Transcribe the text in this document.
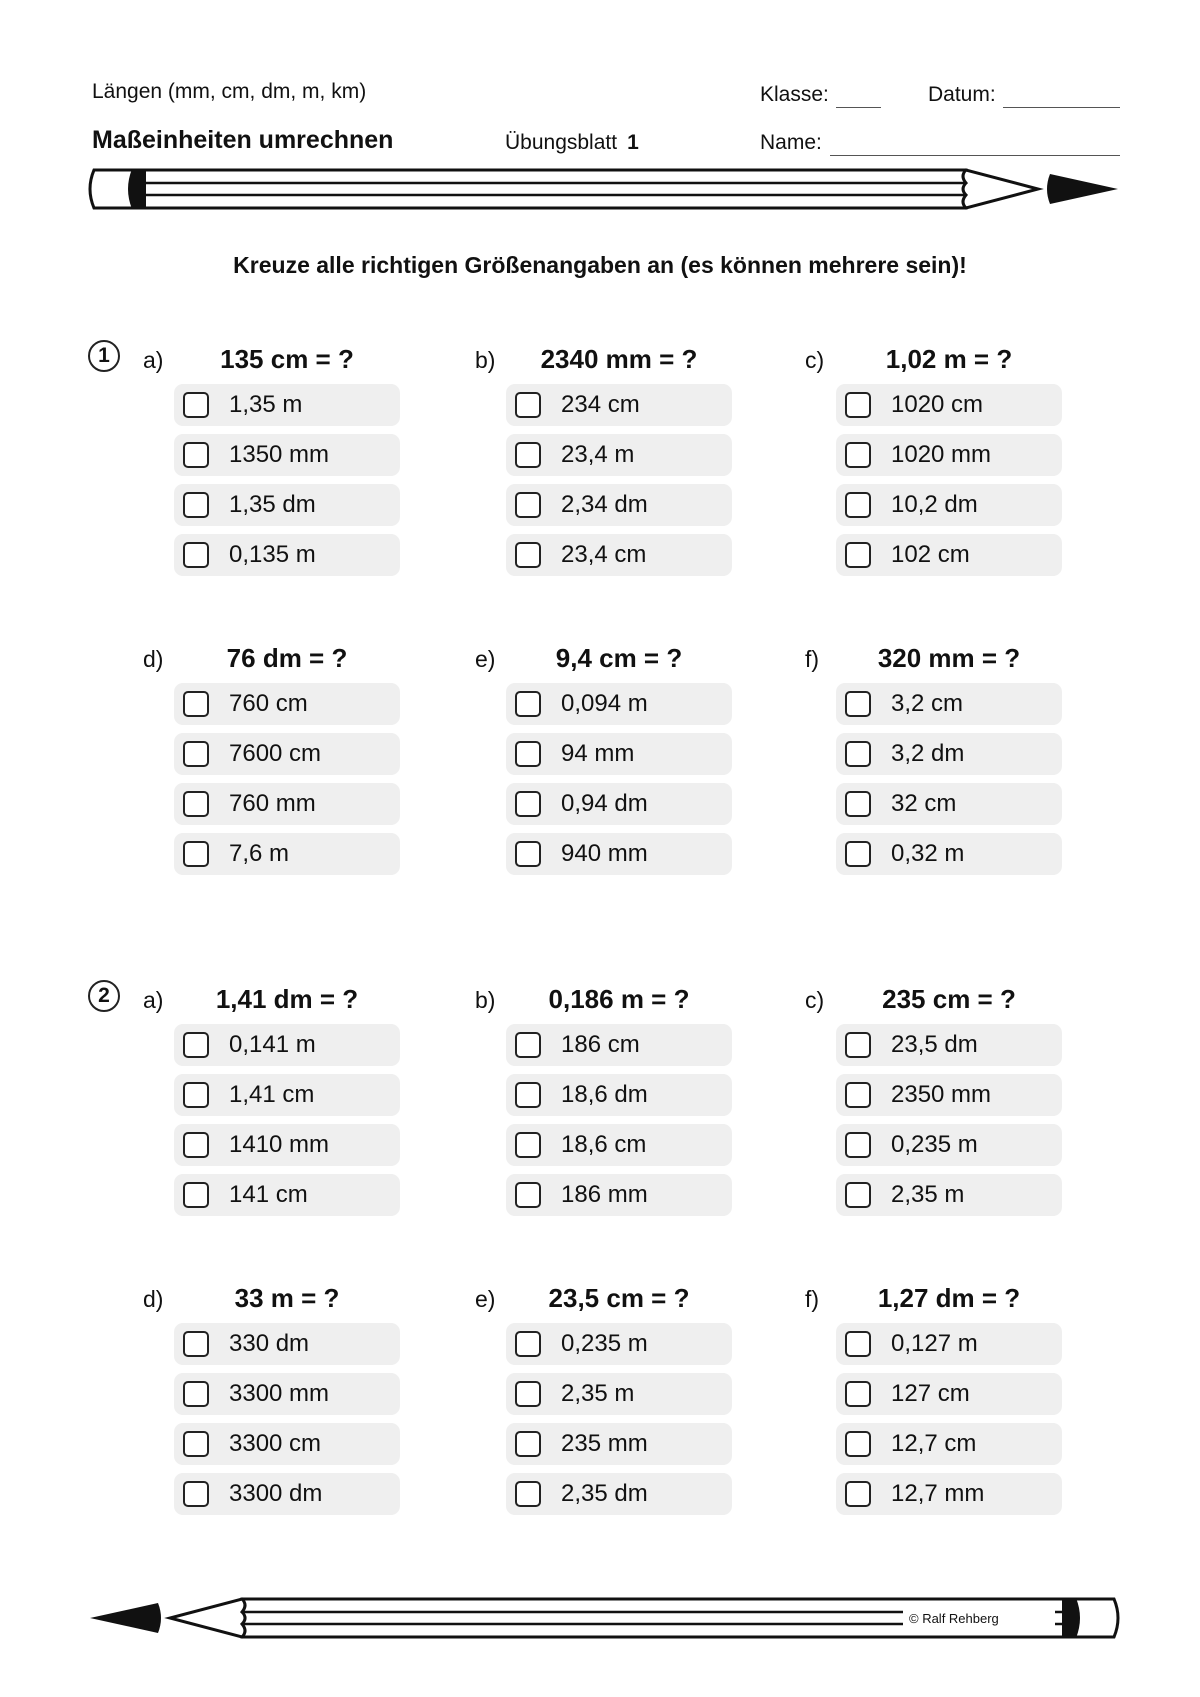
Längen (mm, cm, dm, m, km)
Maßeinheiten umrechnen	Übungsblatt 1
Klasse:	Datum:
Name:
Kreuze alle richtigen Größenangaben an (es können mehrere sein)!
1	a)	135 cm = ?
1,35 m
1350 mm
1,35 dm
0,135 m
b)	2340 mm = ?
234 cm
23,4 m
2,34 dm
23,4 cm
c)	1,02 m = ?
1020 cm
1020 mm
10,2 dm
102 cm
d)	76 dm = ?
760 cm
7600 cm
760 mm
7,6 m
e)	9,4 cm = ?
0,094 m
94 mm
0,94 dm
940 mm
f)	320 mm = ?
3,2 cm
3,2 dm
32 cm
0,32 m
2	a)	1,41 dm = ?
0,141 m
1,41 cm
1410 mm
141 cm
b)	0,186 m = ?
186 cm
18,6 dm
18,6 cm
186 mm
c)	235 cm = ?
23,5 dm
2350 mm
0,235 m
2,35 m
d)	33 m = ?
330 dm
3300 mm
3300 cm
3300 dm
e)	23,5 cm = ?
0,235 m
2,35 m
235 mm
2,35 dm
f)	1,27 dm = ?
0,127 m
127 cm
12,7 cm
12,7 mm
© Ralf Rehberg
